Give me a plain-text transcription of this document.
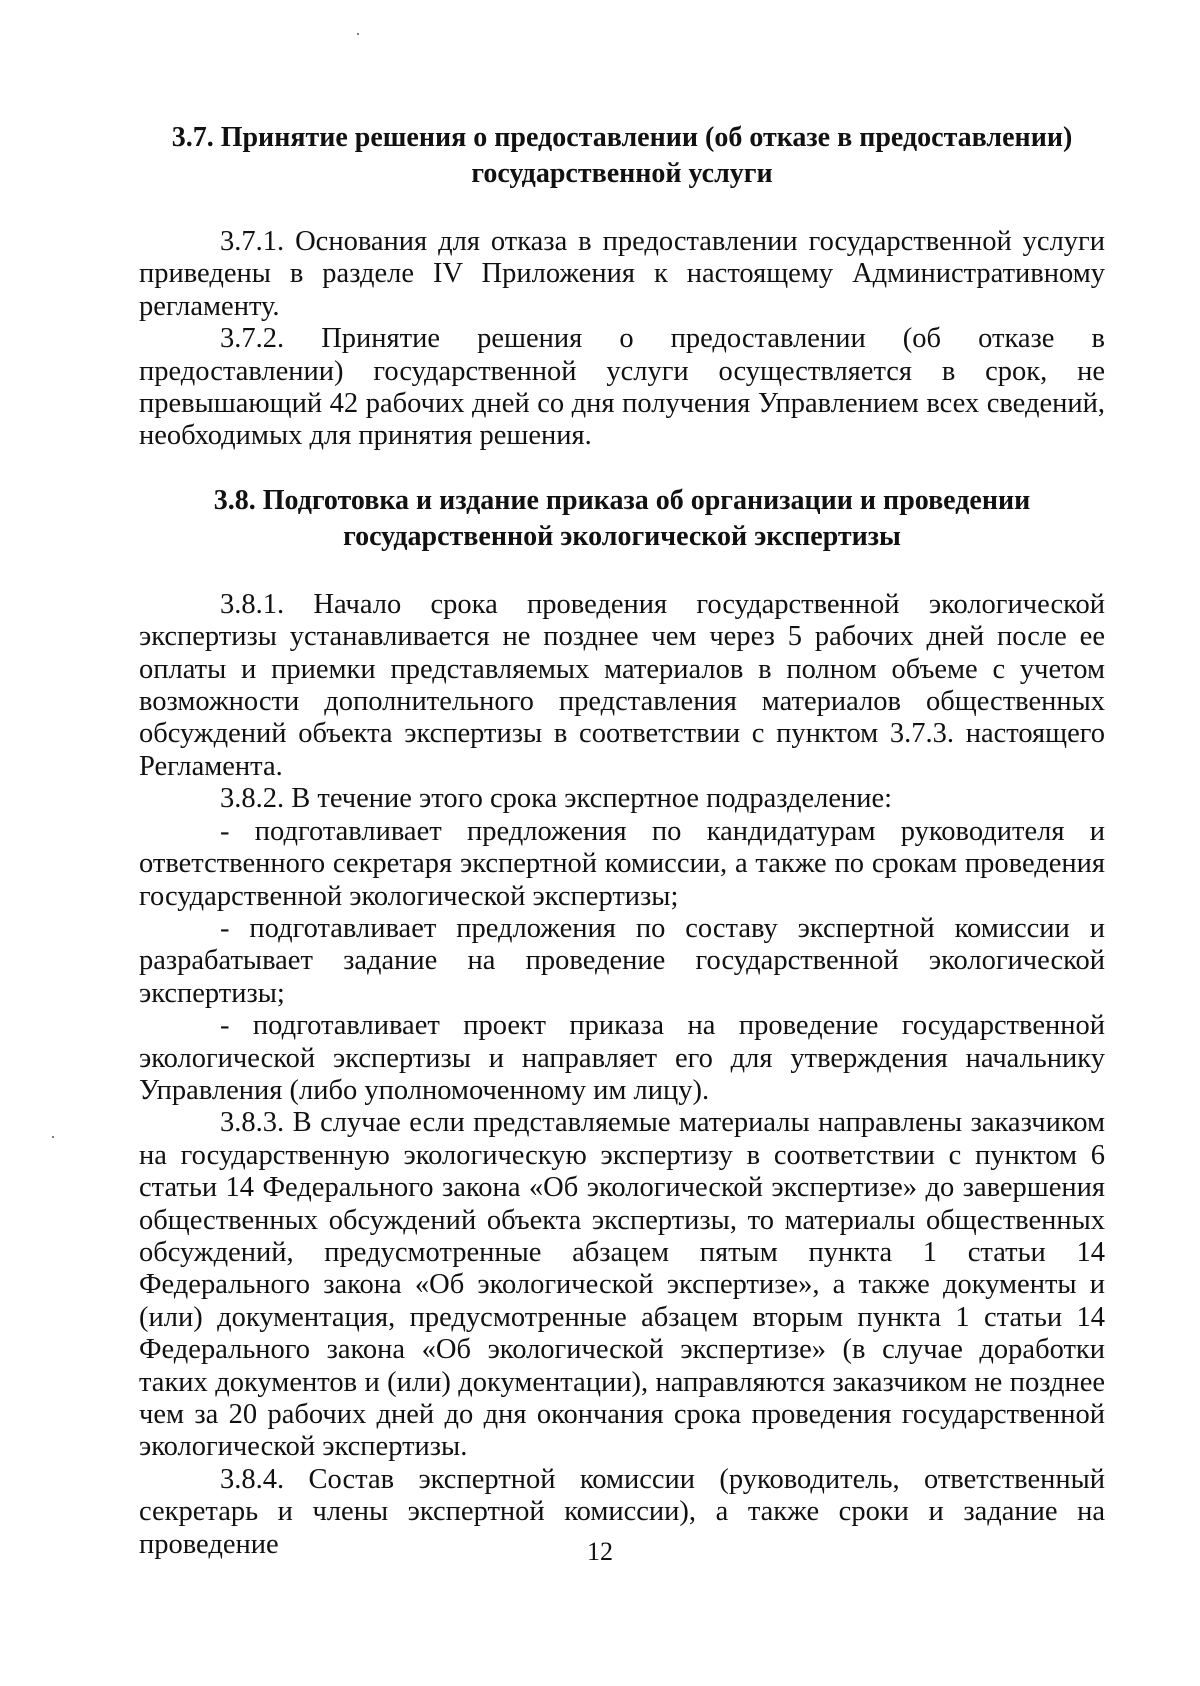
3.7. Принятие решения о предоставлении (об отказе в предоставлении)
государственной услуги

3.7.1. Основания для отказа в предоставлении государственной услуги приведены в разделе IV Приложения к настоящему Административному регламенту.

3.7.2. Принятие решения о предоставлении (об отказе в предоставлении) государственной услуги осуществляется в срок, не превышающий 42 рабочих дней со дня получения Управлением всех сведений, необходимых для принятия решения.

3.8. Подготовка и издание приказа об организации и проведении
государственной экологической экспертизы

3.8.1. Начало срока проведения государственной экологической экспертизы устанавливается не позднее чем через 5 рабочих дней после ее оплаты и приемки представляемых материалов в полном объеме с учетом возможности дополнительного представления материалов общественных обсуждений объекта экспертизы в соответствии с пунктом 3.7.3. настоящего Регламента.

3.8.2. В течение этого срока экспертное подразделение:

- подготавливает предложения по кандидатурам руководителя и ответственного секретаря экспертной комиссии, а также по срокам проведения государственной экологической экспертизы;

- подготавливает предложения по составу экспертной комиссии и разрабатывает задание на проведение государственной экологической экспертизы;

- подготавливает проект приказа на проведение государственной экологической экспертизы и направляет его для утверждения начальнику Управления (либо уполномоченному им лицу).

3.8.3. В случае если представляемые материалы направлены заказчиком на государственную экологическую экспертизу в соответствии с пунктом 6 статьи 14 Федерального закона «Об экологической экспертизе» до завершения общественных обсуждений объекта экспертизы, то материалы общественных обсуждений, предусмотренные абзацем пятым пункта 1 статьи 14 Федерального закона «Об экологической экспертизе», а также документы и (или) документация, предусмотренные абзацем вторым пункта 1 статьи 14 Федерального закона «Об экологической экспертизе» (в случае доработки таких документов и (или) документации), направляются заказчиком не позднее чем за 20 рабочих дней до дня окончания срока проведения государственной экологической экспертизы.

3.8.4. Состав экспертной комиссии (руководитель, ответственный секретарь и члены экспертной комиссии), а также сроки и задание на проведение	12
